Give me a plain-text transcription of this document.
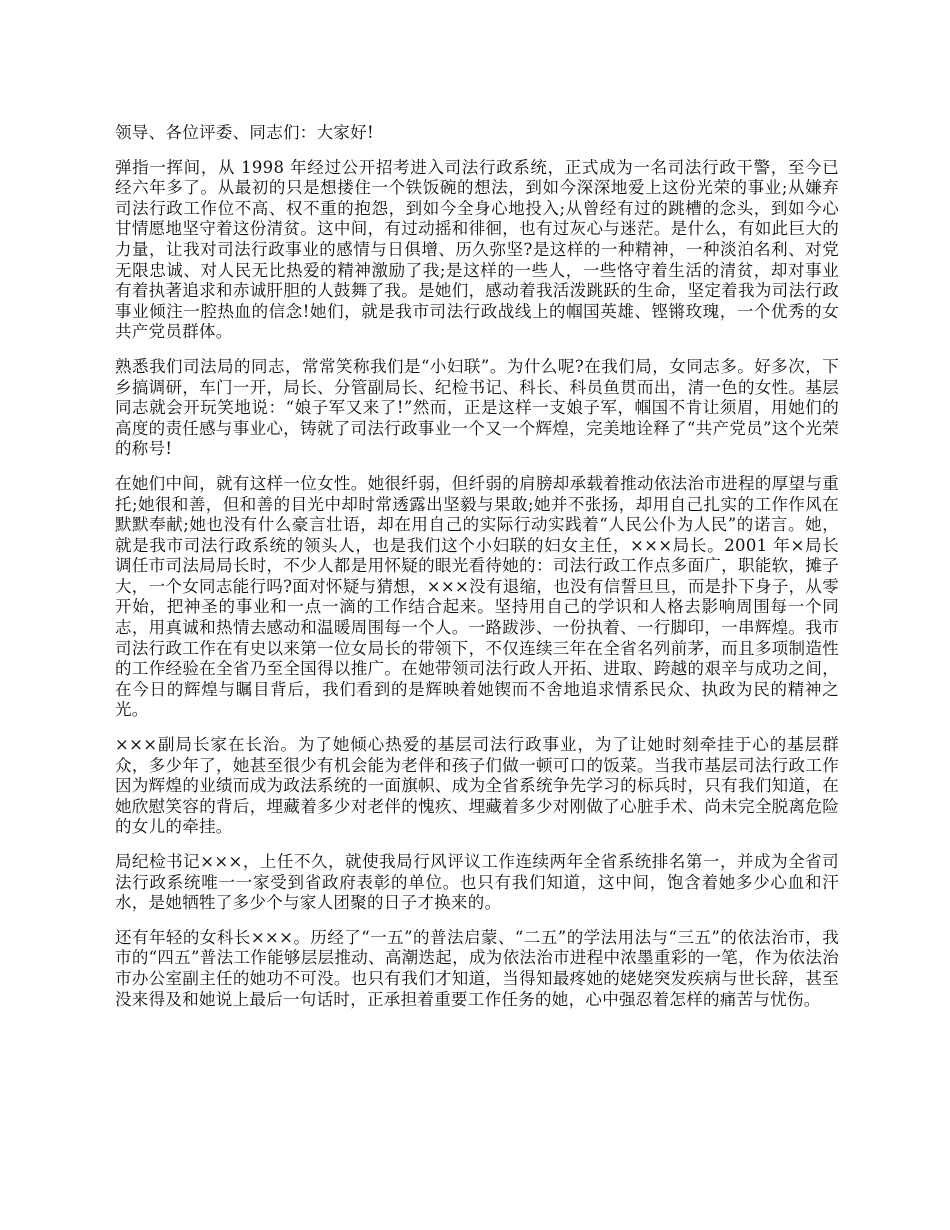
领导、各位评委、同志们：大家好!

弹指一挥间，从 1998 年经过公开招考进入司法行政系统，正式成为一名司法行政干警，至今已经六年多了。从最初的只是想搂住一个铁饭碗的想法，到如今深深地爱上这份光荣的事业;从嫌弃司法行政工作位不高、权不重的抱怨，到如今全身心地投入;从曾经有过的跳槽的念头，到如今心甘情愿地坚守着这份清贫。这中间，有过动摇和徘徊，也有过灰心与迷茫。是什么，有如此巨大的力量，让我对司法行政事业的感情与日俱增、历久弥坚?是这样的一种精神，一种淡泊名利、对党无限忠诚、对人民无比热爱的精神激励了我;是这样的一些人，一些恪守着生活的清贫，却对事业有着执著追求和赤诚肝胆的人鼓舞了我。是她们，感动着我活泼跳跃的生命，坚定着我为司法行政事业倾注一腔热血的信念!她们，就是我市司法行政战线上的帼国英雄、铿锵玫瑰，一个优秀的女共产党员群体。

熟悉我们司法局的同志，常常笑称我们是“小妇联”。为什么呢?在我们局，女同志多。好多次，下乡搞调研，车门一开，局长、分管副局长、纪检书记、科长、科员鱼贯而出，清一色的女性。基层同志就会开玩笑地说：“娘子军又来了!”然而，正是这样一支娘子军，帼国不肯让须眉，用她们的高度的责任感与事业心，铸就了司法行政事业一个又一个辉煌，完美地诠释了“共产党员”这个光荣的称号!

在她们中间，就有这样一位女性。她很纤弱，但纤弱的肩膀却承载着推动依法治市进程的厚望与重托;她很和善，但和善的目光中却时常透露出坚毅与果敢;她并不张扬，却用自己扎实的工作作风在默默奉献;她也没有什么豪言壮语，却在用自己的实际行动实践着“人民公仆为人民”的诺言。她，就是我市司法行政系统的领头人，也是我们这个小妇联的妇女主任，×××局长。2001 年×局长调任市司法局局长时，不少人都是用怀疑的眼光看待她的：司法行政工作点多面广，职能软，摊子大，一个女同志能行吗?面对怀疑与猜想，×××没有退缩，也没有信誓旦旦，而是扑下身子，从零开始，把神圣的事业和一点一滴的工作结合起来。坚持用自己的学识和人格去影响周围每一个同志，用真诚和热情去感动和温暖周围每一个人。一路跋涉、一份执着、一行脚印，一串辉煌。我市司法行政工作在有史以来第一位女局长的带领下，不仅连续三年在全省名列前茅，而且多项制造性的工作经验在全省乃至全国得以推广。在她带领司法行政人开拓、进取、跨越的艰辛与成功之间，在今日的辉煌与瞩目背后，我们看到的是辉映着她锲而不舍地追求情系民众、执政为民的精神之光。

×××副局长家在长治。为了她倾心热爱的基层司法行政事业，为了让她时刻牵挂于心的基层群众，多少年了，她甚至很少有机会能为老伴和孩子们做一顿可口的饭菜。当我市基层司法行政工作因为辉煌的业绩而成为政法系统的一面旗帜、成为全省系统争先学习的标兵时，只有我们知道，在她欣慰笑容的背后，埋藏着多少对老伴的愧疚、埋藏着多少对刚做了心脏手术、尚未完全脱离危险的女儿的牵挂。

局纪检书记×××，上任不久，就使我局行风评议工作连续两年全省系统排名第一，并成为全省司法行政系统唯一一家受到省政府表彰的单位。也只有我们知道，这中间，饱含着她多少心血和汗水，是她牺牲了多少个与家人团聚的日子才换来的。

还有年轻的女科长×××。历经了“一五”的普法启蒙、“二五”的学法用法与“三五”的依法治市，我市的“四五”普法工作能够层层推动、高潮迭起，成为依法治市进程中浓墨重彩的一笔，作为依法治市办公室副主任的她功不可没。也只有我们才知道，当得知最疼她的姥姥突发疾病与世长辞，甚至没来得及和她说上最后一句话时，正承担着重要工作任务的她，心中强忍着怎样的痛苦与忧伤。
